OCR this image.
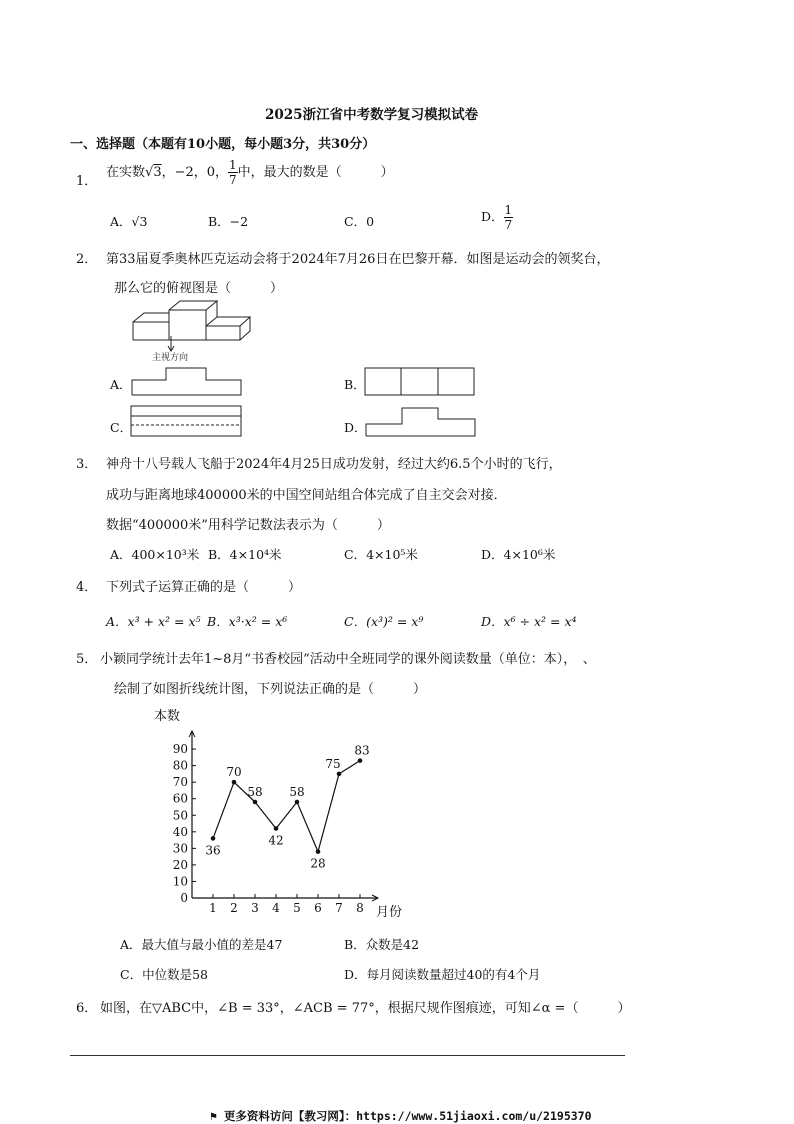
2025浙江省中考数学复习模拟试卷
一、选择题（本题有10小题，每小题3分，共30分）
1．
在实数√3，−2，0， $\frac{1}{7}$ 中，最大的数是（　　　）
A．√3	B．−2	C．0	D． $\frac{1}{7}$
2． 第33届夏季奥林匹克运动会将于2024年7月26日在巴黎开幕．如图是运动会的领奖台，
那么它的俯视图是（　　　）
主视方向
A．	B．
C．	D．
3． 神舟十八号载人飞船于2024年4月25日成功发射，经过大约6.5个小时的飞行，
成功与距离地球400000米的中国空间站组合体完成了自主交会对接．
数据“400000米”用科学记数法表示为（　　　）
A．400×10³米 B．4×10⁴米	C．4×10⁵米	D．4×10⁶米
4． 下列式子运算正确的是（　　　）
A．x³ + x² = x⁵ B．x³·x² = x⁶	C．(x³)² = x⁹	D．x⁶ ÷ x² = x⁴
5． 小颖同学统计去年1~8月“书香校园”活动中全班同学的课外阅读数量（单位：本），　、
绘制了如图折线统计图，下列说法正确的是（　　　）
本数
月份
0
10
20
30
40
50
60
70
80
90
1 2 3 4 5 6 7 8
36
70
58
42
58
28
75
83
A．最大值与最小值的差是47	B．众数是42
C．中位数是58	D．每月阅读数量超过40的有4个月
6． 如图，在▽ABC中，∠B = 33°，∠ACB = 77°，根据尺规作图痕迹，可知∠α =（　　　）
⚑ 更多资料访问【教习网】：https://www.51jiaoxi.com/u/2195370
